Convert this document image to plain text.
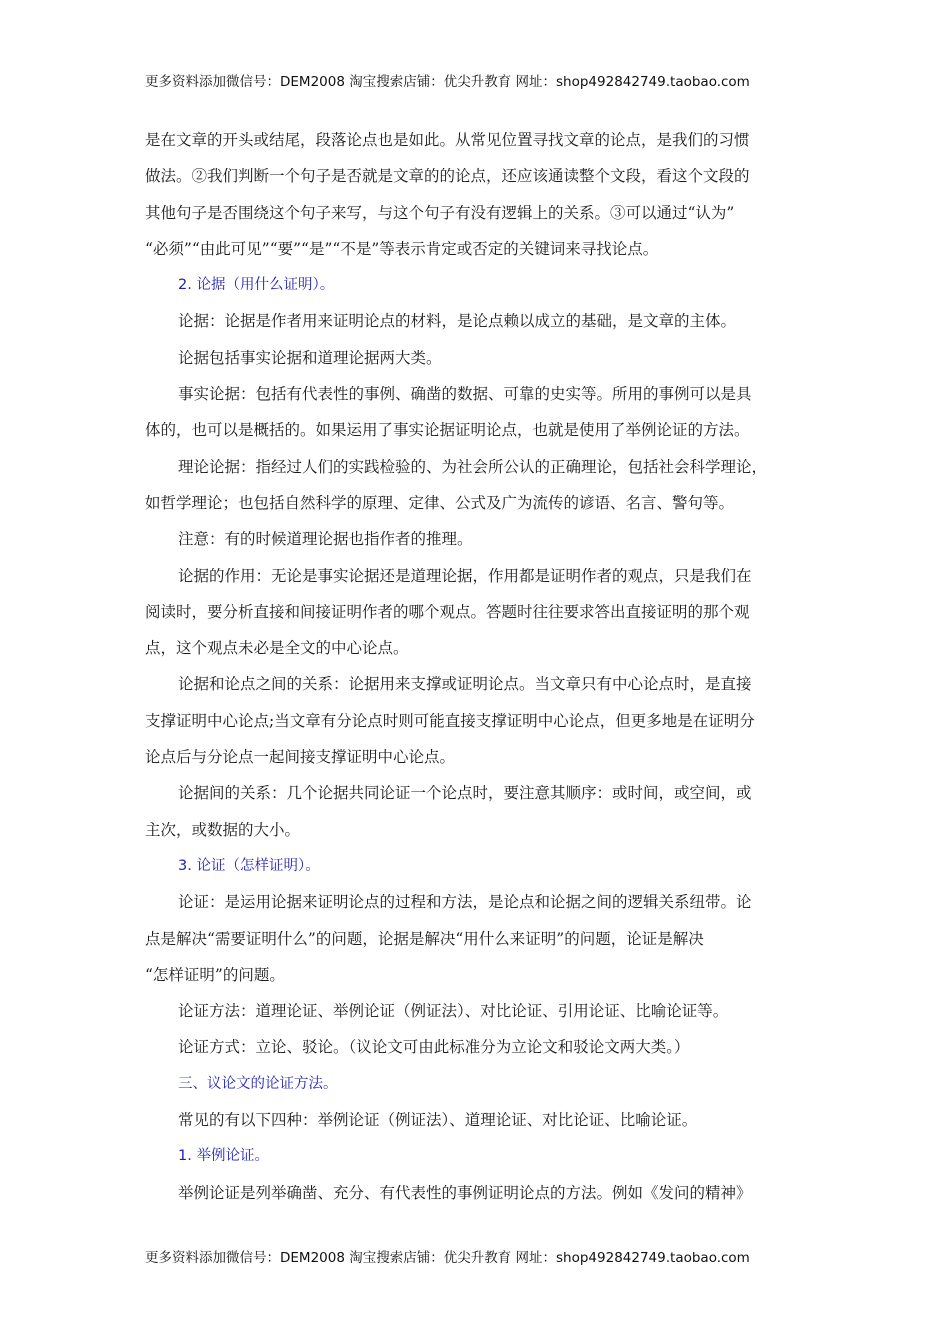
更多资料添加微信号：DEM2008 淘宝搜索店铺：优尖升教育 网址：shop492842749.taobao.com
是在文章的开头或结尾，段落论点也是如此。从常见位置寻找文章的论点，是我们的习惯
做法。②我们判断一个句子是否就是文章的的论点，还应该通读整个文段，看这个文段的
其他句子是否围绕这个句子来写，与这个句子有没有逻辑上的关系。③可以通过“认为”
“必须”“由此可见”“要”“是”“不是”等表示肯定或否定的关键词来寻找论点。
2. 论据（用什么证明）。
论据：论据是作者用来证明论点的材料，是论点赖以成立的基础，是文章的主体。
论据包括事实论据和道理论据两大类。
事实论据：包括有代表性的事例、确凿的数据、可靠的史实等。所用的事例可以是具
体的，也可以是概括的。如果运用了事实论据证明论点，也就是使用了举例论证的方法。
理论论据：指经过人们的实践检验的、为社会所公认的正确理论，包括社会科学理论，
如哲学理论；也包括自然科学的原理、定律、公式及广为流传的谚语、名言、警句等。
注意：有的时候道理论据也指作者的推理。
论据的作用：无论是事实论据还是道理论据，作用都是证明作者的观点，只是我们在
阅读时，要分析直接和间接证明作者的哪个观点。答题时往往要求答出直接证明的那个观
点，这个观点未必是全文的中心论点。
论据和论点之间的关系：论据用来支撑或证明论点。当文章只有中心论点时，是直接
支撑证明中心论点;当文章有分论点时则可能直接支撑证明中心论点，但更多地是在证明分
论点后与分论点一起间接支撑证明中心论点。
论据间的关系：几个论据共同论证一个论点时，要注意其顺序：或时间，或空间，或
主次，或数据的大小。
3. 论证（怎样证明）。
论证：是运用论据来证明论点的过程和方法，是论点和论据之间的逻辑关系纽带。论
点是解决“需要证明什么”的问题，论据是解决“用什么来证明”的问题，论证是解决
“怎样证明”的问题。
论证方法：道理论证、举例论证（例证法）、对比论证、引用论证、比喻论证等。
论证方式：立论、驳论。（议论文可由此标准分为立论文和驳论文两大类。）
三、议论文的论证方法。
常见的有以下四种：举例论证（例证法）、道理论证、对比论证、比喻论证。
1. 举例论证。
举例论证是列举确凿、充分、有代表性的事例证明论点的方法。例如《发问的精神》
更多资料添加微信号：DEM2008 淘宝搜索店铺：优尖升教育 网址：shop492842749.taobao.com
